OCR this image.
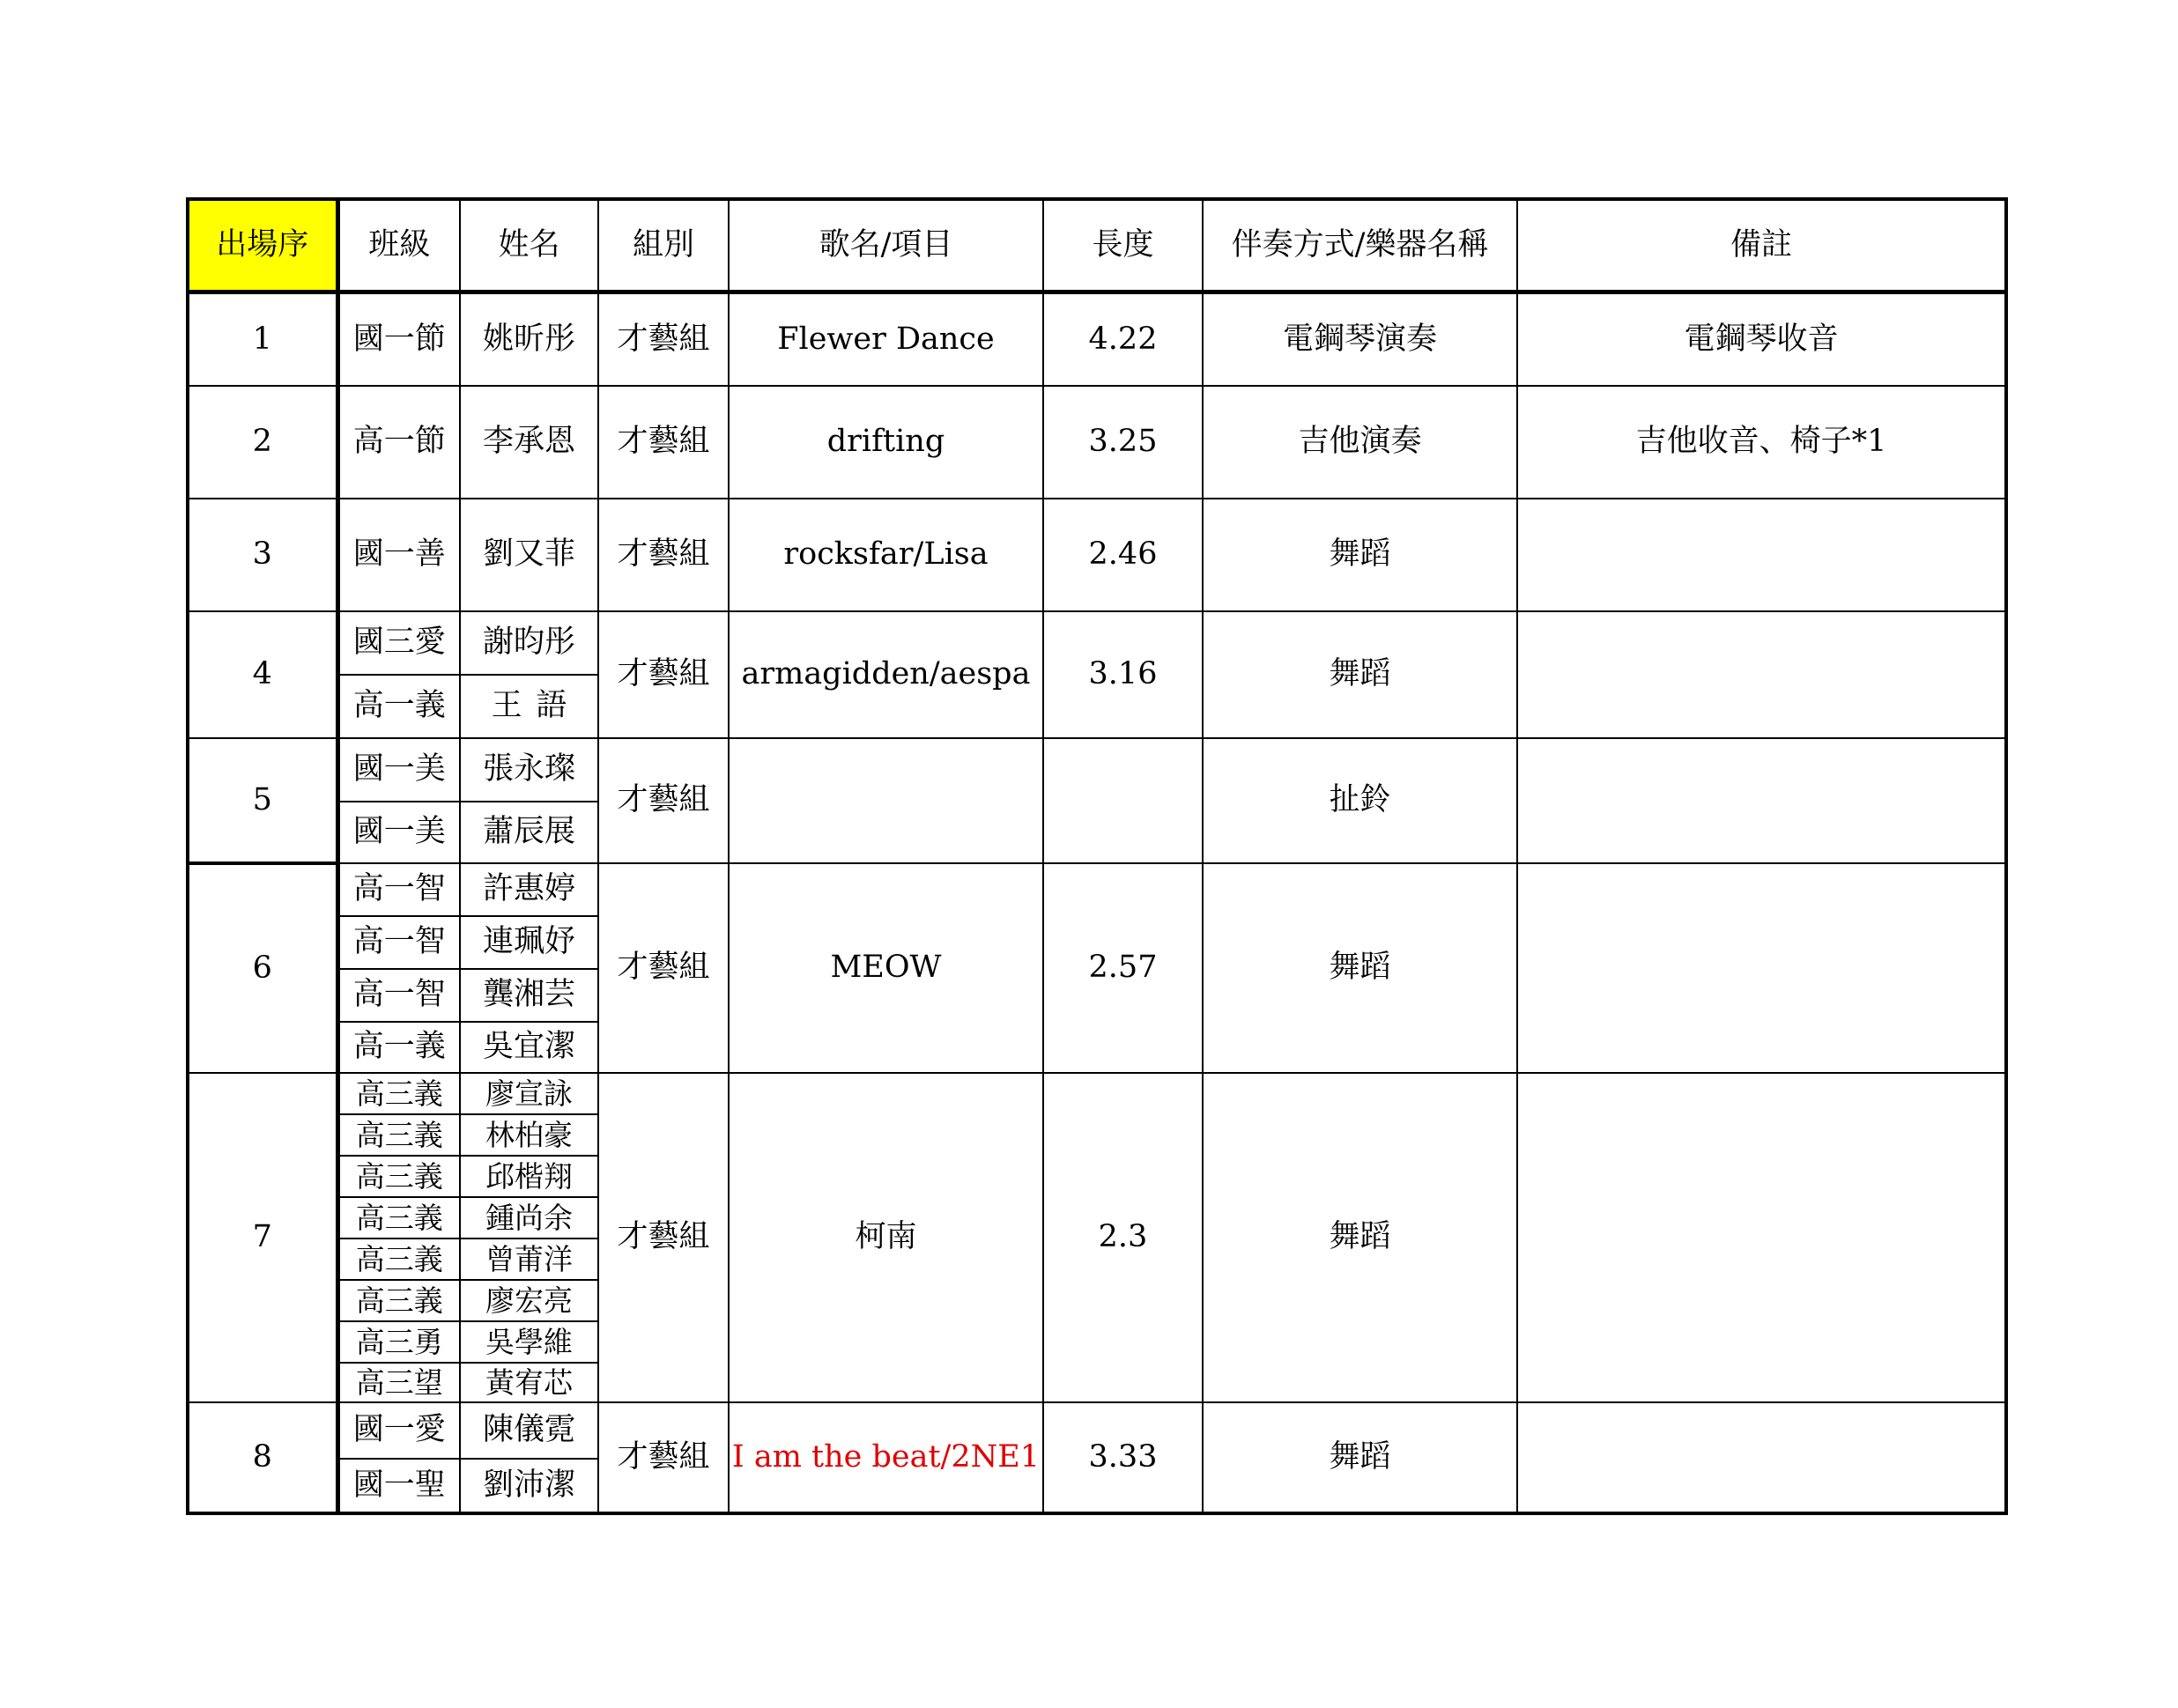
出場序	班級	姓名	組別	歌名/項目	長度	伴奏方式/樂器名稱	備註
1	國一節	姚昕彤	才藝組	Flewer Dance	4.22	電鋼琴演奏	電鋼琴收音
2	高一節	李承恩	才藝組	drifting	3.25	吉他演奏	吉他收音、椅子*1
3	國一善	劉又菲	才藝組	rocksfar/Lisa	2.46	舞蹈	
4	國三愛	謝昀彤	才藝組	armagidden/aespa	3.16	舞蹈	
	高一義	王語					
5	國一美	張永璨	才藝組			扯鈴	
	國一美	蕭辰展					
6	高一智	許惠婷	才藝組	MEOW	2.57	舞蹈	
	高一智	連珮妤					
	高一智	龔湘芸					
	高一義	吳宜潔					
7	高三義	廖宣詠	才藝組	柯南	2.3	舞蹈	
	高三義	林柏豪					
	高三義	邱楷翔					
	高三義	鍾尚余					
	高三義	曾莆洋					
	高三義	廖宏亮					
	高三勇	吳學維					
	高三望	黃宥芯					
8	國一愛	陳儀霓	才藝組	I am the beat/2NE1	3.33	舞蹈	
	國一聖	劉沛潔					
